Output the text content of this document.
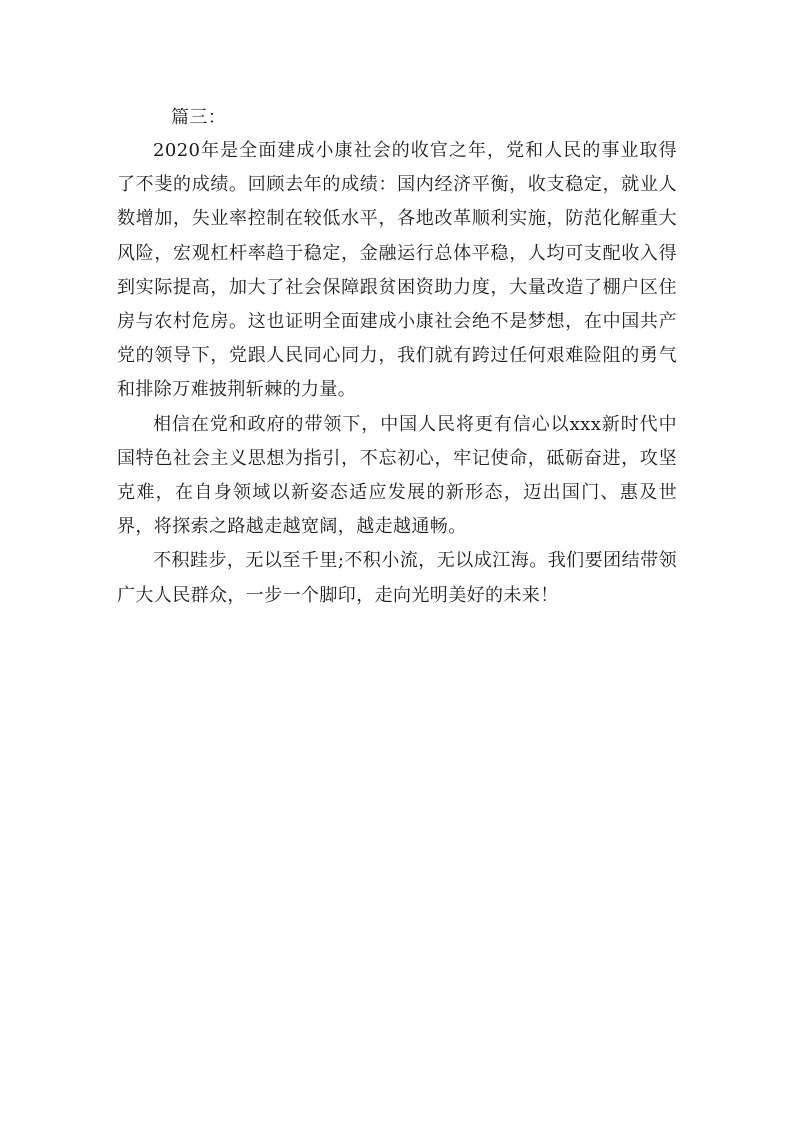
篇三：

2020年是全面建成小康社会的收官之年，党和人民的事业取得了不斐的成绩。回顾去年的成绩：国内经济平衡，收支稳定，就业人数增加，失业率控制在较低水平，各地改革顺利实施，防范化解重大风险，宏观杠杆率趋于稳定，金融运行总体平稳，人均可支配收入得到实际提高，加大了社会保障跟贫困资助力度，大量改造了棚户区住房与农村危房。这也证明全面建成小康社会绝不是梦想，在中国共产党的领导下，党跟人民同心同力，我们就有跨过任何艰难险阻的勇气和排除万难披荆斩棘的力量。

相信在党和政府的带领下，中国人民将更有信心以xxx新时代中国特色社会主义思想为指引，不忘初心，牢记使命，砥砺奋进，攻坚克难，在自身领域以新姿态适应发展的新形态，迈出国门、惠及世界，将探索之路越走越宽阔，越走越通畅。

不积跬步，无以至千里;不积小流，无以成江海。我们要团结带领广大人民群众，一步一个脚印，走向光明美好的未来！
